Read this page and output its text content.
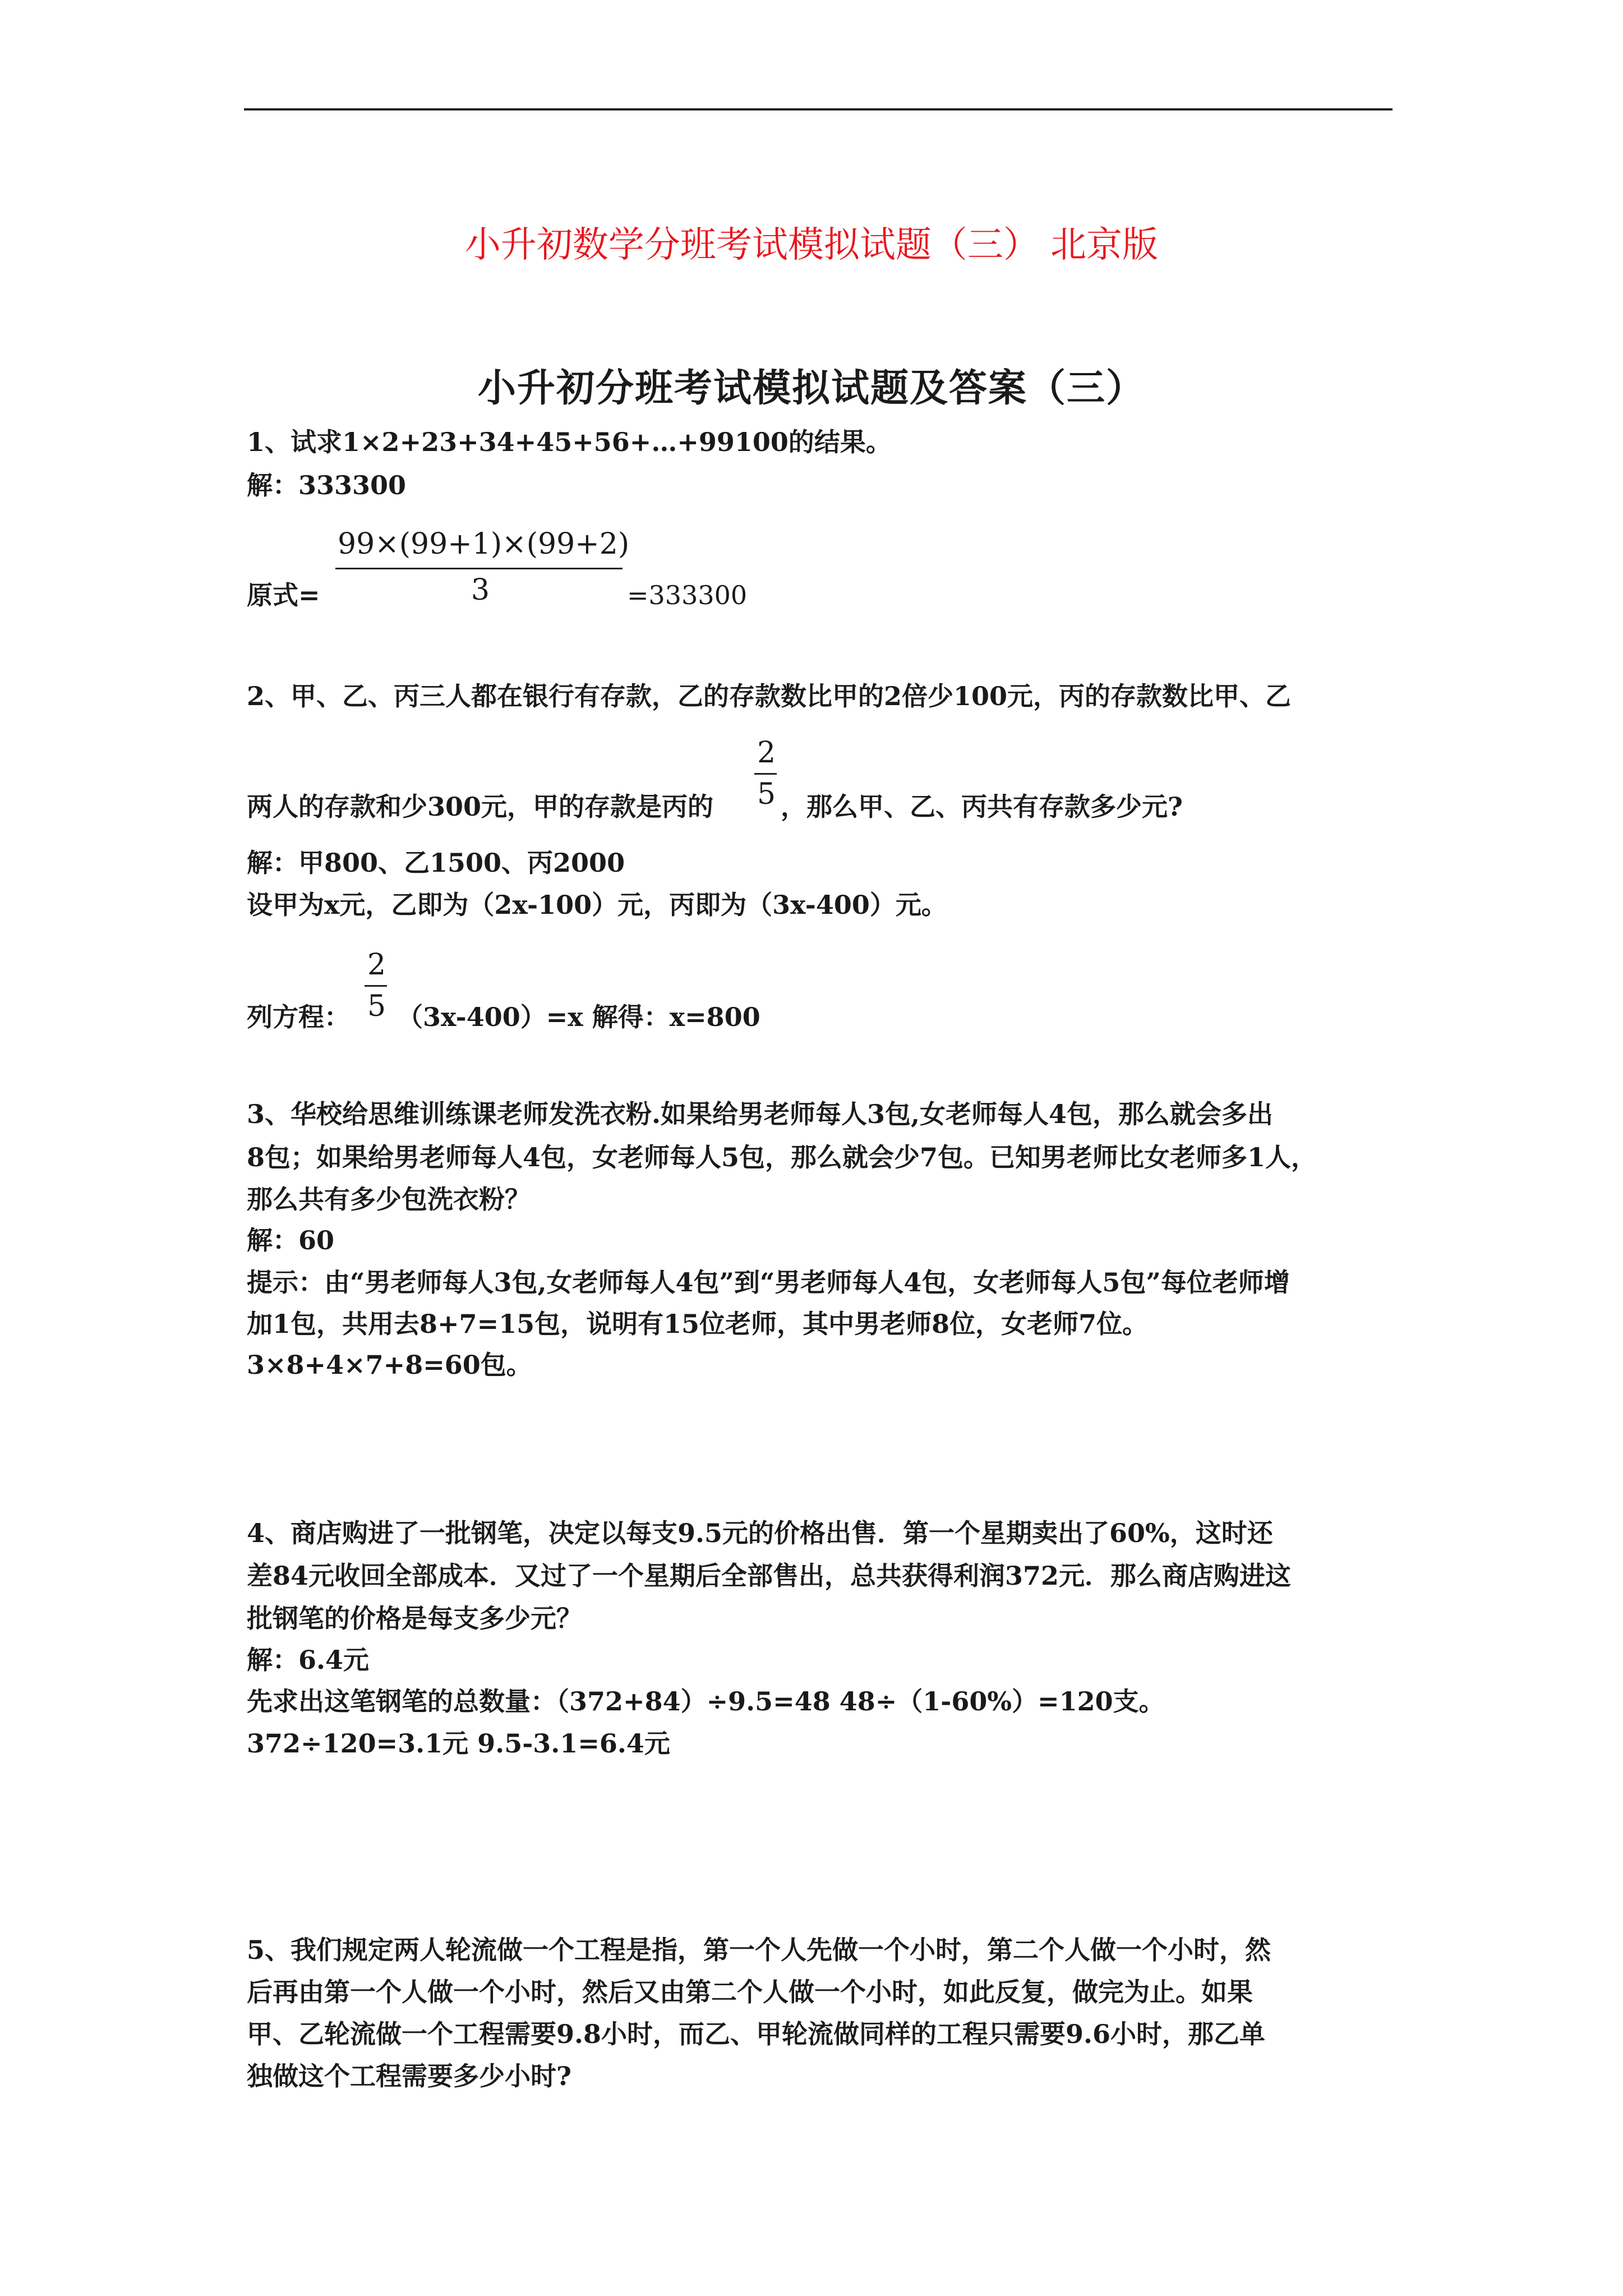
小升初数学分班考试模拟试题（三） 北京版
小升初分班考试模拟试题及答案（三）
1、试求1×2+23+34+45+56+…+99100的结果。
解：333300
99×(99+1)×(99+2)
3
原式=	=333300
2、甲、乙、丙三人都在银行有存款，乙的存款数比甲的2倍少100元，丙的存款数比甲、乙
2
5
两人的存款和少300元，甲的存款是丙的	，那么甲、乙、丙共有存款多少元?
解：甲800、乙1500、丙2000
设甲为x元，乙即为（2x-100）元，丙即为（3x-400）元。
2
5
列方程： （3x-400）=x 解得：x=800
3、华校给思维训练课老师发洗衣粉.如果给男老师每人3包,女老师每人4包，那么就会多出
8包；如果给男老师每人4包，女老师每人5包，那么就会少7包。已知男老师比女老师多1人，
那么共有多少包洗衣粉？
解：60
提示：由“男老师每人3包,女老师每人4包”到“男老师每人4包，女老师每人5包”每位老师增
加1包，共用去8+7=15包，说明有15位老师，其中男老师8位，女老师7位。
3×8+4×7+8=60包。
4、商店购进了一批钢笔，决定以每支9.5元的价格出售．第一个星期卖出了60%，这时还
差84元收回全部成本．又过了一个星期后全部售出，总共获得利润372元．那么商店购进这
批钢笔的价格是每支多少元？
解：6.4元
先求出这笔钢笔的总数量：（372+84）÷9.5=48 48÷（1-60%）=120支。
372÷120=3.1元 9.5-3.1=6.4元
5、我们规定两人轮流做一个工程是指，第一个人先做一个小时，第二个人做一个小时，然
后再由第一个人做一个小时，然后又由第二个人做一个小时，如此反复，做完为止。如果
甲、乙轮流做一个工程需要9.8小时，而乙、甲轮流做同样的工程只需要9.6小时，那乙单
独做这个工程需要多少小时?
